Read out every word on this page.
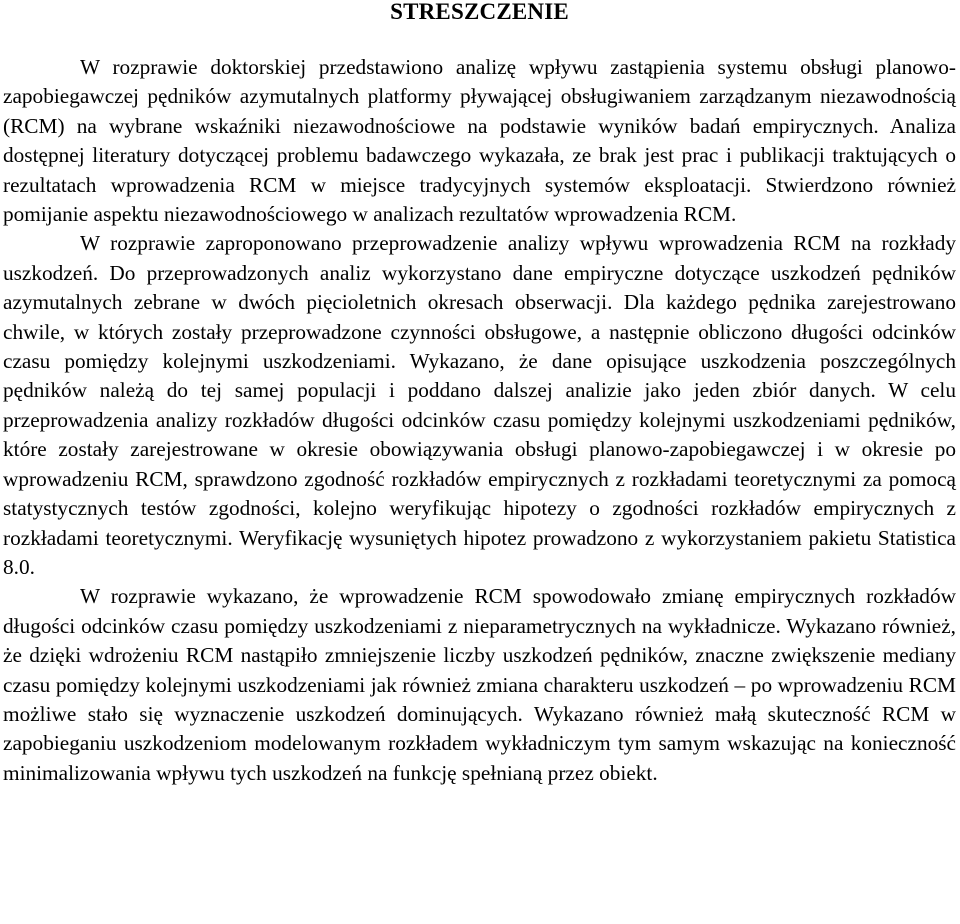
STRESZCZENIE

W rozprawie doktorskiej przedstawiono analizę wpływu zastąpienia systemu obsługi planowo-zapobiegawczej pędników azymutalnych platformy pływającej obsługiwaniem zarządzanym niezawodnością (RCM) na wybrane wskaźniki niezawodnościowe na podstawie wyników badań empirycznych. Analiza dostępnej literatury dotyczącej problemu badawczego wykazała, ze brak jest prac i publikacji traktujących o rezultatach wprowadzenia RCM w miejsce tradycyjnych systemów eksploatacji. Stwierdzono również pomijanie aspektu niezawodnościowego w analizach rezultatów wprowadzenia RCM.

W rozprawie zaproponowano przeprowadzenie analizy wpływu wprowadzenia RCM na rozkłady uszkodzeń. Do przeprowadzonych analiz wykorzystano dane empiryczne dotyczące uszkodzeń pędników azymutalnych zebrane w dwóch pięcioletnich okresach obserwacji. Dla każdego pędnika zarejestrowano chwile, w których zostały przeprowadzone czynności obsługowe, a następnie obliczono długości odcinków czasu pomiędzy kolejnymi uszkodzeniami. Wykazano, że dane opisujące uszkodzenia poszczególnych pędników należą do tej samej populacji i poddano dalszej analizie jako jeden zbiór danych. W celu przeprowadzenia analizy rozkładów długości odcinków czasu pomiędzy kolejnymi uszkodzeniami pędników, które zostały zarejestrowane w okresie obowiązywania obsługi planowo-zapobiegawczej i w okresie po wprowadzeniu RCM, sprawdzono zgodność rozkładów empirycznych z rozkładami teoretycznymi za pomocą statystycznych testów zgodności, kolejno weryfikując hipotezy o zgodności rozkładów empirycznych z rozkładami teoretycznymi. Weryfikację wysuniętych hipotez prowadzono z wykorzystaniem pakietu Statistica 8.0.

W rozprawie wykazano, że wprowadzenie RCM spowodowało zmianę empirycznych rozkładów długości odcinków czasu pomiędzy uszkodzeniami z nieparametrycznych na wykładnicze. Wykazano również, że dzięki wdrożeniu RCM nastąpiło zmniejszenie liczby uszkodzeń pędników, znaczne zwiększenie mediany czasu pomiędzy kolejnymi uszkodzeniami jak również zmiana charakteru uszkodzeń – po wprowadzeniu RCM możliwe stało się wyznaczenie uszkodzeń dominujących. Wykazano również małą skuteczność RCM w zapobieganiu uszkodzeniom modelowanym rozkładem wykładniczym tym samym wskazując na konieczność minimalizowania wpływu tych uszkodzeń na funkcję spełnianą przez obiekt.
